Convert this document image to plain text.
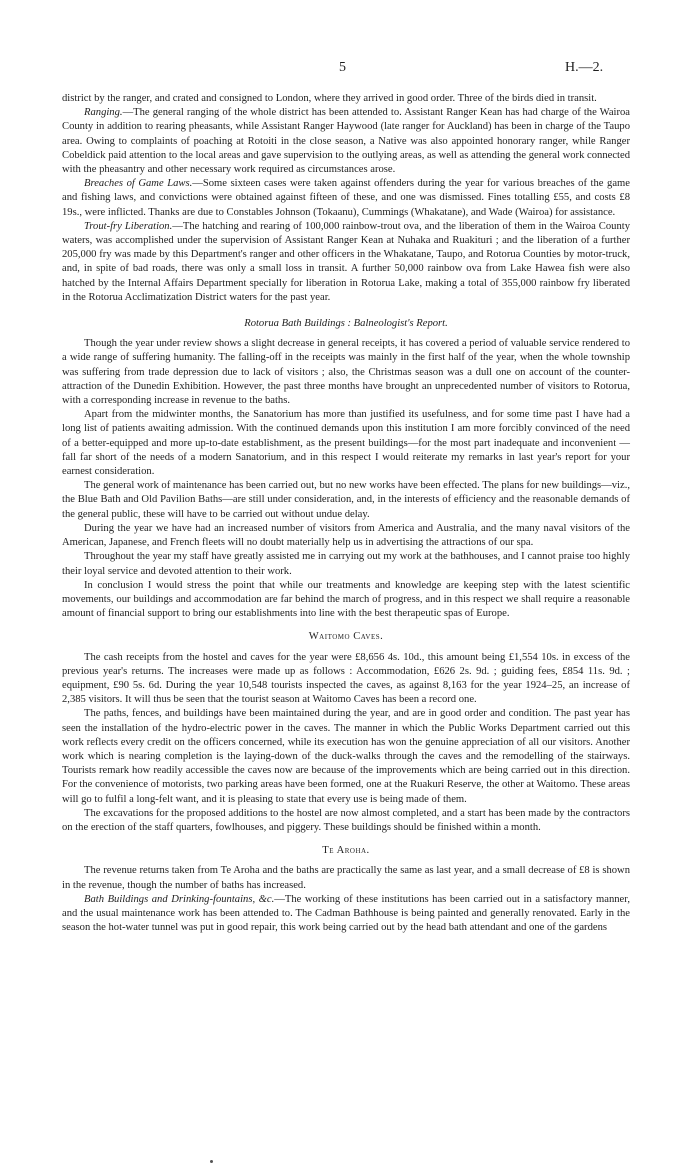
5	H.—2.

district by the ranger, and crated and consigned to London, where they arrived in good order. Three of the birds died in transit.

Ranging.—The general ranging of the whole district has been attended to. Assistant Ranger Kean has had charge of the Wairoa County in addition to rearing pheasants, while Assistant Ranger Haywood (late ranger for Auckland) has been in charge of the Taupo area. Owing to complaints of poaching at Rotoiti in the close season, a Native was also appointed honorary ranger, while Ranger Cobeldick paid attention to the local areas and gave supervision to the outlying areas, as well as attending the general work connected with the pheasantry and other necessary work required as circumstances arose.

Breaches of Game Laws.—Some sixteen cases were taken against offenders during the year for various breaches of the game and fishing laws, and convictions were obtained against fifteen of these, and one was dismissed. Fines totalling £55, and costs £8 19s., were inflicted. Thanks are due to Constables Johnson (Tokaanu), Cummings (Whakatane), and Wade (Wairoa) for assistance.

Trout-fry Liberation.—The hatching and rearing of 100,000 rainbow-trout ova, and the liberation of them in the Wairoa County waters, was accomplished under the supervision of Assistant Ranger Kean at Nuhaka and Ruakituri ; and the liberation of a further 205,000 fry was made by this Department's ranger and other officers in the Whakatane, Taupo, and Rotorua Counties by motor-truck, and, in spite of bad roads, there was only a small loss in transit. A further 50,000 rainbow ova from Lake Hawea fish were also hatched by the Internal Affairs Department specially for liberation in Rotorua Lake, making a total of 355,000 rainbow fry liberated in the Rotorua Acclimatization District waters for the past year.

Rotorua Bath Buildings : Balneologist's Report.

Though the year under review shows a slight decrease in general receipts, it has covered a period of valuable service rendered to a wide range of suffering humanity. The falling-off in the receipts was mainly in the first half of the year, when the whole township was suffering from trade depression due to lack of visitors ; also, the Christmas season was a dull one on account of the counter-attraction of the Dunedin Exhibition. However, the past three months have brought an unprecedented number of visitors to Rotorua, with a corresponding increase in revenue to the baths.

Apart from the midwinter months, the Sanatorium has more than justified its usefulness, and for some time past I have had a long list of patients awaiting admission. With the continued demands upon this institution I am more forcibly convinced of the need of a better-equipped and more up-to-date establishment, as the present buildings—for the most part inadequate and inconvenient —fall far short of the needs of a modern Sanatorium, and in this respect I would reiterate my remarks in last year's report for your earnest consideration.

The general work of maintenance has been carried out, but no new works have been effected. The plans for new buildings—viz., the Blue Bath and Old Pavilion Baths—are still under consideration, and, in the interests of efficiency and the reasonable demands of the general public, these will have to be carried out without undue delay.

During the year we have had an increased number of visitors from America and Australia, and the many naval visitors of the American, Japanese, and French fleets will no doubt materially help us in advertising the attractions of our spa.

Throughout the year my staff have greatly assisted me in carrying out my work at the bathhouses, and I cannot praise too highly their loyal service and devoted attention to their work.

In conclusion I would stress the point that while our treatments and knowledge are keeping step with the latest scientific movements, our buildings and accommodation are far behind the march of progress, and in this respect we shall require a reasonable amount of financial support to bring our establishments into line with the best therapeutic spas of Europe.

Waitomo Caves.

The cash receipts from the hostel and caves for the year were £8,656 4s. 10d., this amount being £1,554 10s. in excess of the previous year's returns. The increases were made up as follows : Accommodation, £626 2s. 9d. ; guiding fees, £854 11s. 9d. ; equipment, £90 5s. 6d. During the year 10,548 tourists inspected the caves, as against 8,163 for the year 1924–25, an increase of 2,385 visitors. It will thus be seen that the tourist season at Waitomo Caves has been a record one.

The paths, fences, and buildings have been maintained during the year, and are in good order and condition. The past year has seen the installation of the hydro-electric power in the caves. The manner in which the Public Works Department carried out this work reflects every credit on the officers concerned, while its execution has won the genuine appreciation of all our visitors. Another work which is nearing completion is the laying-down of the duck-walks through the caves and the remodelling of the stairways. Tourists remark how readily accessible the caves now are because of the improvements which are being carried out in this direction. For the convenience of motorists, two parking areas have been formed, one at the Ruakuri Reserve, the other at Waitomo. These areas will go to fulfil a long-felt want, and it is pleasing to state that every use is being made of them.

The excavations for the proposed additions to the hostel are now almost completed, and a start has been made by the contractors on the erection of the staff quarters, fowlhouses, and piggery. These buildings should be finished within a month.

Te Aroha.

The revenue returns taken from Te Aroha and the baths are practically the same as last year, and a small decrease of £8 is shown in the revenue, though the number of baths has increased.

Bath Buildings and Drinking-fountains, &c.—The working of these institutions has been carried out in a satisfactory manner, and the usual maintenance work has been attended to. The Cadman Bathhouse is being painted and generally renovated. Early in the season the hot-water tunnel was put in good repair, this work being carried out by the head bath attendant and one of the gardens
